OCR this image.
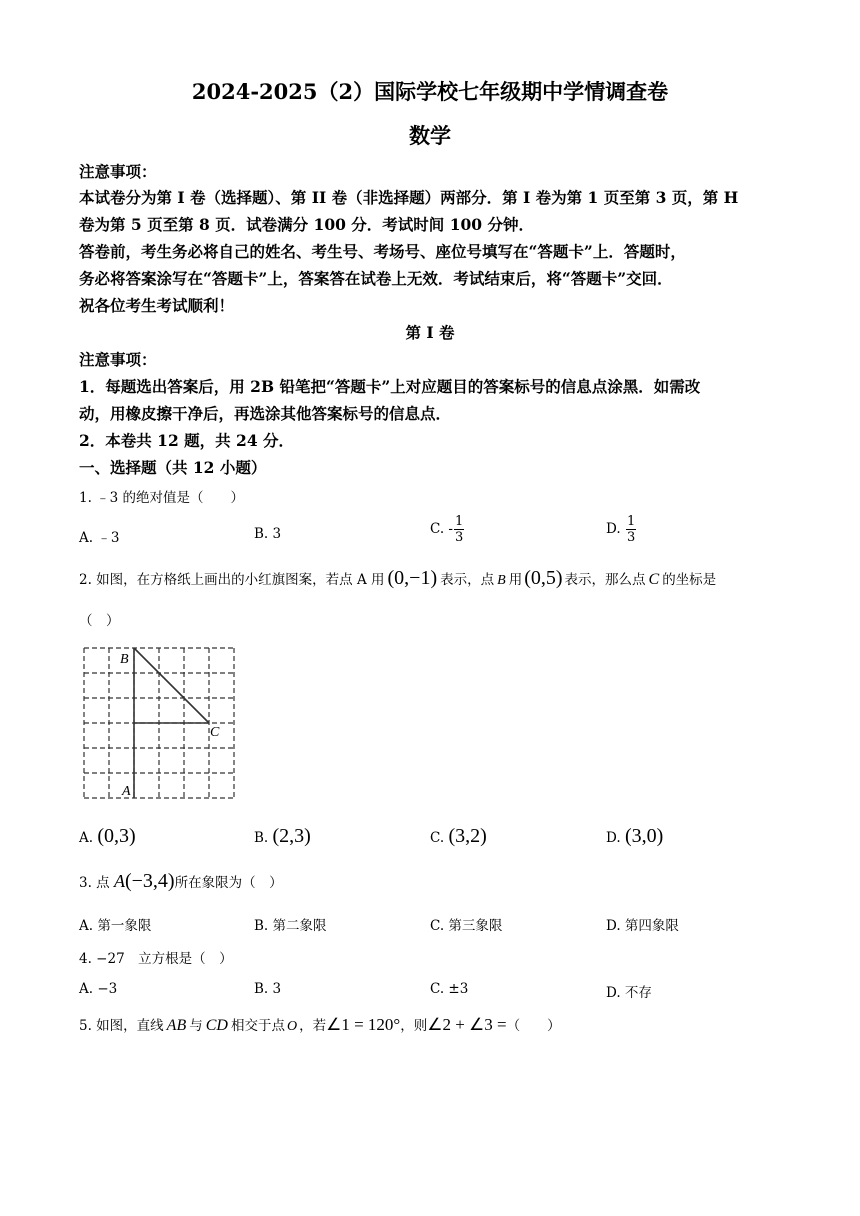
2024-2025（2）国际学校七年级期中学情调查卷
数学
注意事项：
本试卷分为第 I 卷（选择题）、第 II 卷（非选择题）两部分．第 I 卷为第 1 页至第 3 页，第 H
卷为第 5 页至第 8 页．试卷满分 100 分．考试时间 100 分钟．
答卷前，考生务必将自己的姓名、考生号、考场号、座位号填写在“答题卡”上．答题时，
务必将答案涂写在“答题卡”上，答案答在试卷上无效．考试结束后，将“答题卡”交回．
祝各位考生考试顺利！
第 I 卷
注意事项：
1．每题选出答案后，用 2B 铅笔把“答题卡”上对应题目的答案标号的信息点涂黑．如需改
动，用橡皮擦干净后，再选涂其他答案标号的信息点．
2．本卷共 12 题，共 24 分．
一、选择题（共 12 小题）
1. ﹣3 的绝对值是（　　）
A. ﹣3	B. 3	C. - $\frac{1}{3}$	D. $\frac{1}{3}$
2. 如图，在方格纸上画出的小红旗图案，若点 A 用 (0,−1) 表示，点 B 用 (0,5) 表示，那么点 C 的坐标是
（　）
B
C
A
A. (0,3)	B. (2,3)	C. (3,2)	D. (3,0)
3. 点 A(−3,4)所在象限为（　）
A. 第一象限	B. 第二象限	C. 第三象限	D. 第四象限
4. −27　立方根是（　）
A. −3	B. 3	C. ±3	D. 不存
5. 如图，直线 AB 与 CD 相交于点 O ，若∠1 = 120°，则∠2 + ∠3 =（　　）
